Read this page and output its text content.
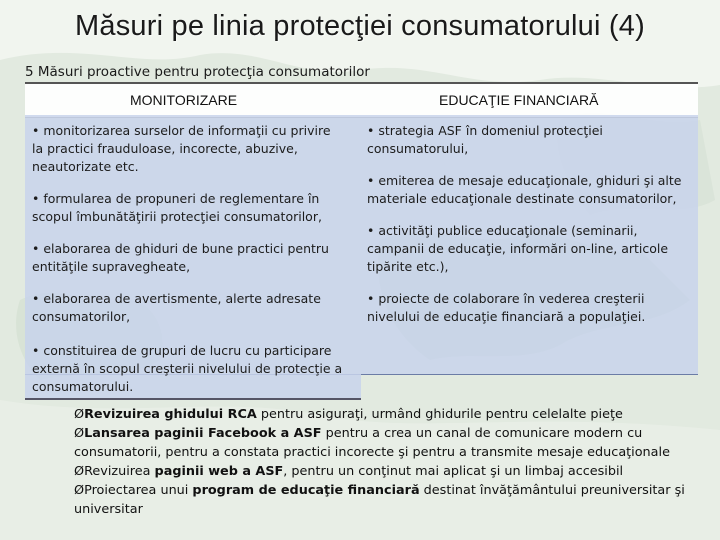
Măsuri pe linia protecţiei consumatorului (4)
5 Măsuri proactive pentru protecţia consumatorilor
MONITORIZARE	EDUCAŢIE FINANCIARĂ

• monitorizarea surselor de informaţii cu privire la practici frauduloase, incorecte, abuzive, neautorizate etc.

• formularea de propuneri de reglementare în scopul îmbunătăţirii protecţiei consumatorilor,

• elaborarea de ghiduri de bune practici pentru entităţile supravegheate,

• elaborarea de avertismente, alerte adresate consumatorilor,

• constituirea de grupuri de lucru cu participare externă în scopul creşterii nivelului de protecţie a consumatorului.

• strategia ASF în domeniul protecţiei consumatorului,

• emiterea de mesaje educaţionale, ghiduri şi alte materiale educaţionale destinate consumatorilor,

• activităţi publice educaţionale (seminarii, campanii de educaţie, informări on-line, articole tipărite etc.),

• proiecte de colaborare în vederea creşterii nivelului de educaţie financiară a populaţiei.

ØRevizuirea ghidului RCA pentru asiguraţi, urmând ghidurile pentru celelalte pieţe
ØLansarea paginii Facebook a ASF pentru a crea un canal de comunicare modern cu consumatorii, pentru a constata practici incorecte şi pentru a transmite mesaje educaţionale
ØRevizuirea paginii web a ASF, pentru un conţinut mai aplicat şi un limbaj accesibil
ØProiectarea unui program de educaţie financiară destinat învăţământului preuniversitar şi universitar
